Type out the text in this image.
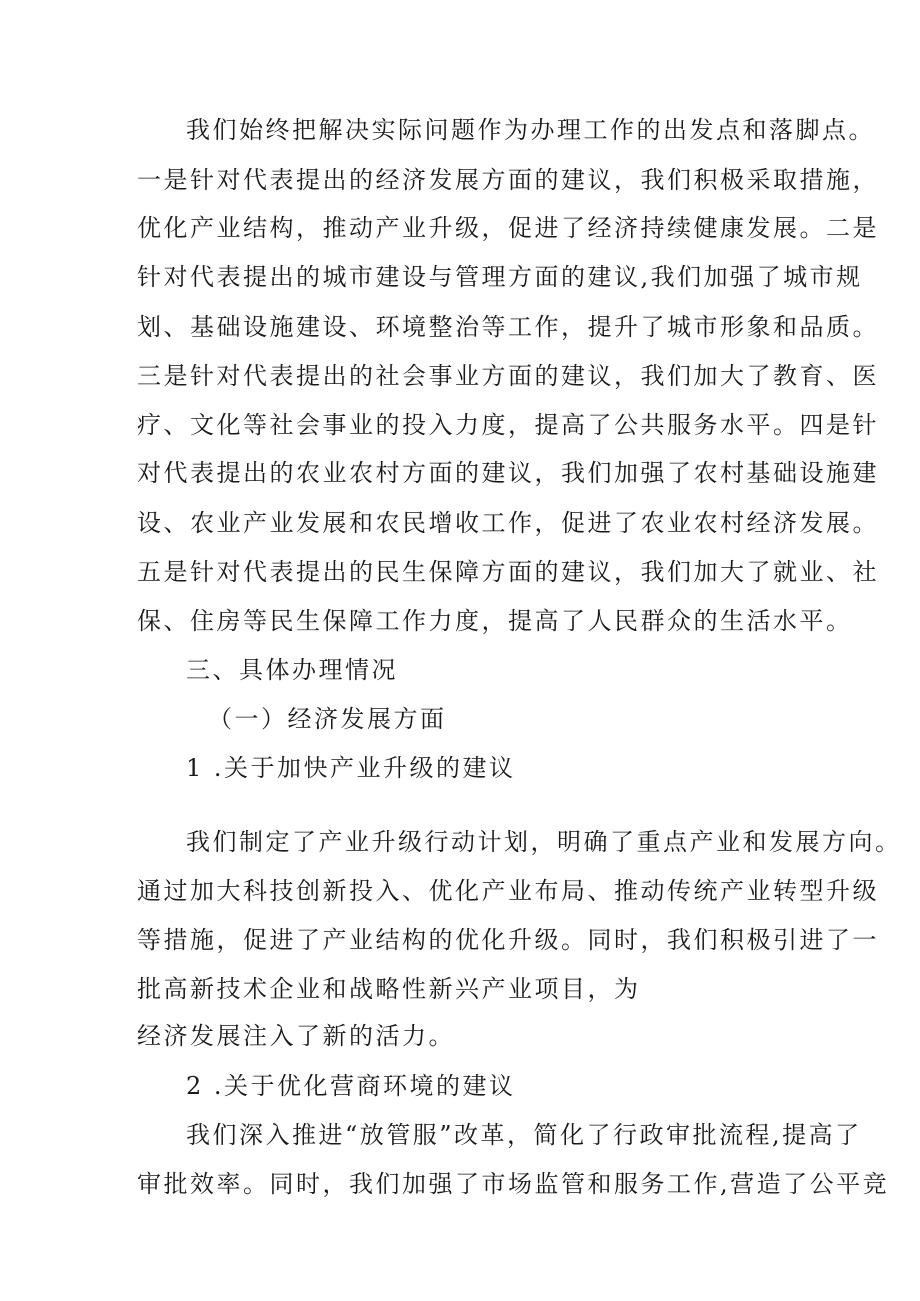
我们始终把解决实际问题作为办理工作的出发点和落脚点。

一是针对代表提出的经济发展方面的建议，我们积极采取措施，

优化产业结构，推动产业升级，促进了经济持续健康发展。二是

针对代表提出的城市建设与管理方面的建议,我们加强了城市规

划、基础设施建设、环境整治等工作，提升了城市形象和品质。

三是针对代表提出的社会事业方面的建议，我们加大了教育、医

疗、文化等社会事业的投入力度，提高了公共服务水平。四是针

对代表提出的农业农村方面的建议，我们加强了农村基础设施建

设、农业产业发展和农民增收工作，促进了农业农村经济发展。

五是针对代表提出的民生保障方面的建议，我们加大了就业、社

保、住房等民生保障工作力度，提高了人民群众的生活水平。

三、具体办理情况

（一）经济发展方面

1 .关于加快产业升级的建议

我们制定了产业升级行动计划，明确了重点产业和发展方向。

通过加大科技创新投入、优化产业布局、推动传统产业转型升级

等措施，促进了产业结构的优化升级。同时，我们积极引进了一

批高新技术企业和战略性新兴产业项目，为

经济发展注入了新的活力。

2 .关于优化营商环境的建议

我们深入推进“放管服”改革，简化了行政审批流程,提高了

审批效率。同时，我们加强了市场监管和服务工作,营造了公平竞
